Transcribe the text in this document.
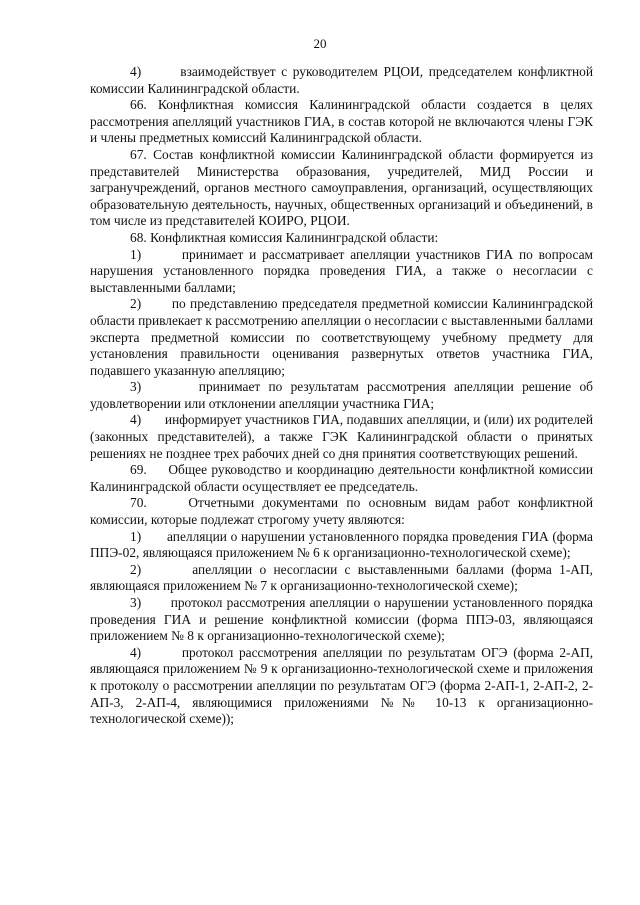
20

4)       взаимодействует с руководителем РЦОИ, председателем конфликтной комиссии Калининградской области.

66. Конфликтная комиссия Калининградской области создается в целях рассмотрения апелляций участников ГИА, в состав которой не включаются члены ГЭК и члены предметных комиссий Калининградской области.

67. Состав конфликтной комиссии Калининградской области формируется из представителей Министерства образования, учредителей, МИД России и загранучреждений, органов местного самоуправления, организаций, осуществляющих образовательную деятельность, научных, общественных организаций и объединений, в том числе из представителей КОИРО, РЦОИ.

68. Конфликтная комиссия Калининградской области:

1)       принимает и рассматривает апелляции участников ГИА по вопросам нарушения установленного порядка проведения ГИА, а также о несогласии с выставленными баллами;

2)       по представлению председателя предметной комиссии Калининградской области привлекает к рассмотрению апелляции о несогласии с выставленными баллами эксперта предметной комиссии по соответствующему учебному предмету для установления правильности оценивания развернутых ответов участника ГИА, подавшего указанную апелляцию;

3)       принимает по результатам рассмотрения апелляции решение об удовлетворении или отклонении апелляции участника ГИА;

4)       информирует участников ГИА, подавших апелляции, и (или) их родителей (законных представителей), а также ГЭК Калининградской области о принятых решениях не позднее трех рабочих дней со дня принятия соответствующих решений.

69.     Общее руководство и координацию деятельности конфликтной комиссии Калининградской области осуществляет ее председатель.

70.     Отчетными документами по основным видам работ конфликтной комиссии, которые подлежат строгому учету являются:

1)       апелляции о нарушении установленного порядка проведения ГИА (форма ППЭ-02, являющаяся приложением № 6 к организационно-технологической схеме);

2)       апелляции о несогласии с выставленными баллами (форма 1-АП, являющаяся приложением № 7 к организационно-технологической схеме);

3)       протокол рассмотрения апелляции о нарушении установленного порядка проведения ГИА и решение конфликтной комиссии (форма ППЭ-03, являющаяся приложением № 8 к организационно-технологической схеме);

4)       протокол рассмотрения апелляции по результатам ОГЭ (форма 2-АП, являющаяся приложением № 9 к организационно-технологической схеме и приложения к протоколу о рассмотрении апелляции по результатам ОГЭ (форма 2-АП-1, 2-АП-2, 2-АП-3, 2-АП-4, являющимися приложениями №№ 10-13 к организационно-технологической схеме));
